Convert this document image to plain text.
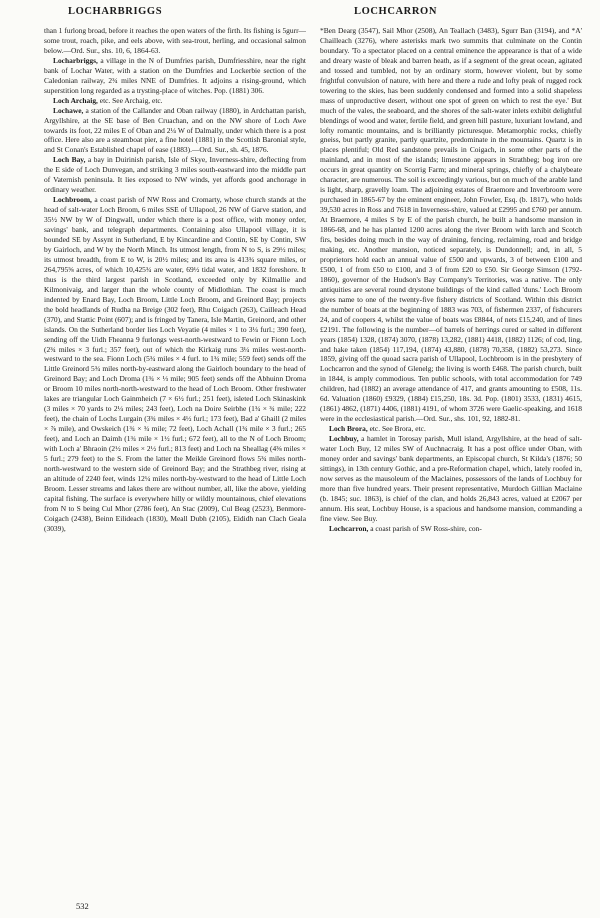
LOCHARBRIGGS	LOCHCARRON

than 1 furlong broad, before it reaches the open waters of the firth. Its fishing is 5gurr—some trout, roach, pike, and eels above, with sea-trout, herling, and occasional salmon below.—Ord. Sur., shs. 10, 6, 1864-63.

Locharbriggs, a village in the N of Dumfries parish, Dumfriesshire, near the right bank of Lochar Water, with a station on the Dumfries and Lockerbie section of the Caledonian railway, 2¾ miles NNE of Dumfries. It adjoins a rising-ground, which superstition long regarded as a trysting-place of witches. Pop. (1881) 306.

Loch Archaig, etc. See Archaig, etc.

Lochawe, a station of the Callander and Oban railway (1880), in Ardchattan parish, Argyllshire, at the SE base of Ben Cruachan, and on the NW shore of Loch Awe towards its foot, 22 miles E of Oban and 2¼ W of Dalmally, under which there is a post office. Here also are a steamboat pier, a fine hotel (1881) in the Scottish Baronial style, and St Conan's Established chapel of ease (1883).—Ord. Sur., sh. 45, 1876.

Loch Bay, a bay in Duirinish parish, Isle of Skye, Inverness-shire, deflecting from the E side of Loch Dunvegan, and striking 3 miles south-eastward into the middle part of Vaternish peninsula. It lies exposed to NW winds, yet affords good anchorage in ordinary weather.

Lochbroom, a coast parish of NW Ross and Cromarty, whose church stands at the head of salt-water Loch Broom, 6 miles SSE of Ullapool, 26 NW of Garve station, and 35½ NW by W of Dingwall, under which there is a post office, with money order, savings' bank, and telegraph departments. Containing also Ullapool village, it is bounded SE by Assynt in Sutherland, E by Kincardine and Contin, SE by Contin, SW by Gairloch, and W by the North Minch. Its utmost length, from N to S, is 29½ miles; its utmost breadth, from E to W, is 20½ miles; and its area is 413¾ square miles, or 264,795⅝ acres, of which 10,425¾ are water, 69½ tidal water, and 1832 foreshore. It thus is the third largest parish in Scotland, exceeded only by Kilmallie and Kilmonivaig, and larger than the whole county of Midlothian. The coast is much indented by Enard Bay, Loch Broom, Little Loch Broom, and Greinord Bay; projects the bold headlands of Rudha na Breige (302 feet), Rhu Coigach (263), Cailleach Head (370), and Stattic Point (607); and is fringed by Tanera, Isle Martin, Greinord, and other islands. On the Sutherland border lies Loch Veyatie (4 miles × 1 to 3¼ furl.; 390 feet), sending off the Uidh Fheanna 9 furlongs west-north-westward to Fewin or Fionn Loch (2¾ miles × 3 furl.; 357 feet), out of which the Kirkaig runs 3¼ miles west-north-westward to the sea. Fionn Loch (5¾ miles × 4 furl. to 1¾ mile; 559 feet) sends off the Little Greinord 5¾ miles north-by-eastward along the Gairloch boundary to the head of Greinord Bay; and Loch Droma (1¾ × ⅓ mile; 905 feet) sends off the Abhuinn Droma or Broom 10 miles north-north-westward to the head of Loch Broom. Other freshwater lakes are triangular Loch Gainmheich (7 × 6½ furl.; 251 feet), isleted Loch Skinaskink (3 miles × 70 yards to 2¼ miles; 243 feet), Loch na Doire Seirbhe (1¾ × ¾ mile; 222 feet), the chain of Lochs Lurgain (3¾ miles × 4½ furl.; 173 feet), Bad a' Ghaill (2 miles × ⅞ mile), and Owskeich (1¾ × ¾ mile; 72 feet), Loch Achall (1¾ mile × 3 furl.; 265 feet), and Loch an Daimh (1¾ mile × 1½ furl.; 672 feet), all to the N of Loch Broom; with Loch a' Bhraoin (2½ miles × 2½ furl.; 813 feet) and Loch na Sheallag (4⅜ miles × 5 furl.; 279 feet) to the S. From the latter the Meikle Greinord flows 5¾ miles north-north-westward to the western side of Greinord Bay; and the Strathbeg river, rising at an altitude of 2240 feet, winds 12¼ miles north-by-westward to the head of Little Loch Broom. Lesser streams and lakes there are without number, all, like the above, yielding capital fishing. The surface is everywhere hilly or wildly mountainous, chief elevations from N to S being Cul Mhor (2786 feet), An Stac (2009), Cul Beag (2523), Benmore-Coigach (2438), Beinn Eilideach (1830), Meall Dubh (2105), Eididh nan Clach Geala (3039),

*Ben Dearg (3547), Sail Mhor (2508), An Teallach (3483), Sgurr Ban (3194), and *A' Chailleach (3276), where asterisks mark two summits that culminate on the Contin boundary. 'To a spectator placed on a central eminence the appearance is that of a wide and dreary waste of bleak and barren heath, as if a segment of the great ocean, agitated and tossed and tumbled, not by an ordinary storm, however violent, but by some frightful convulsion of nature, with here and there a rude and lofty peak of rugged rock towering to the skies, has been suddenly condensed and formed into a solid shapeless mass of unproductive desert, without one spot of green on which to rest the eye.' But much of the vales, the seaboard, and the shores of the salt-water inlets exhibit delightful blendings of wood and water, fertile field, and green hill pasture, luxuriant lowland, and lofty romantic mountains, and is brilliantly picturesque. Metamorphic rocks, chiefly gneiss, but partly granite, partly quartzite, predominate in the mountains. Quartz is in places plentiful; Old Red sandstone prevails in Coigach, in some other parts of the mainland, and in most of the islands; limestone appears in Strathbeg; bog iron ore occurs in great quantity on Scorrig Farm; and mineral springs, chiefly of a chalybeate character, are numerous. The soil is exceedingly various, but on much of the arable land is light, sharp, gravelly loam. The adjoining estates of Braemore and Inverbroom were purchased in 1865-67 by the eminent engineer, John Fowler, Esq. (b. 1817), who holds 39,530 acres in Ross and 7618 in Inverness-shire, valued at £2995 and £760 per annum. At Braemore, 4 miles S by E of the parish church, he built a handsome mansion in 1866-68, and he has planted 1200 acres along the river Broom with larch and Scotch firs, besides doing much in the way of draining, fencing, reclaiming, road and bridge making, etc. Another mansion, noticed separately, is Dundonnell; and, in all, 5 proprietors hold each an annual value of £500 and upwards, 3 of between £100 and £500, 1 of from £50 to £100, and 3 of from £20 to £50. Sir George Simson (1792-1860), governor of the Hudson's Bay Company's Territories, was a native. The only antiquities are several round drystone buildings of the kind called 'duns.' Loch Broom gives name to one of the twenty-five fishery districts of Scotland. Within this district the number of boats at the beginning of 1883 was 703, of fishermen 2337, of fishcurers 24, and of coopers 4, whilst the value of boats was £8844, of nets £15,240, and of lines £2191. The following is the number—of barrels of herrings cured or salted in different years (1854) 1328, (1874) 3070, (1878) 13,282, (1881) 4418, (1882) 1126; of cod, ling, and hake taken (1854) 117,194, (1874) 43,880, (1878) 70,358, (1882) 53,273. Since 1859, giving off the quoad sacra parish of Ullapool, Lochbroom is in the presbytery of Lochcarron and the synod of Glenelg; the living is worth £468. The parish church, built in 1844, is amply commodious. Ten public schools, with total accommodation for 749 children, had (1882) an average attendance of 417, and grants amounting to £508, 11s. 6d. Valuation (1860) £9329, (1884) £15,250, 18s. 3d. Pop. (1801) 3533, (1831) 4615, (1861) 4862, (1871) 4406, (1881) 4191, of whom 3726 were Gaelic-speaking, and 1618 were in the ecclesiastical parish.—Ord. Sur., shs. 101, 92, 1882-81.

Loch Brora, etc. See Brora, etc.

Lochbuy, a hamlet in Torosay parish, Mull island, Argyllshire, at the head of salt-water Loch Buy, 12 miles SW of Auchnacraig. It has a post office under Oban, with money order and savings' bank departments, an Episcopal church, St Kilda's (1876; 50 sittings), in 13th century Gothic, and a pre-Reformation chapel, which, lately roofed in, now serves as the mausoleum of the Maclaines, possessors of the lands of Lochbuy for more than five hundred years. Their present representative, Murdoch Gillian Maclaine (b. 1845; suc. 1863), is chief of the clan, and holds 26,843 acres, valued at £2067 per annum. His seat, Lochbuy House, is a spacious and handsome mansion, commanding a fine view. See Buy.

Lochcarron, a coast parish of SW Ross-shire, con-

532
